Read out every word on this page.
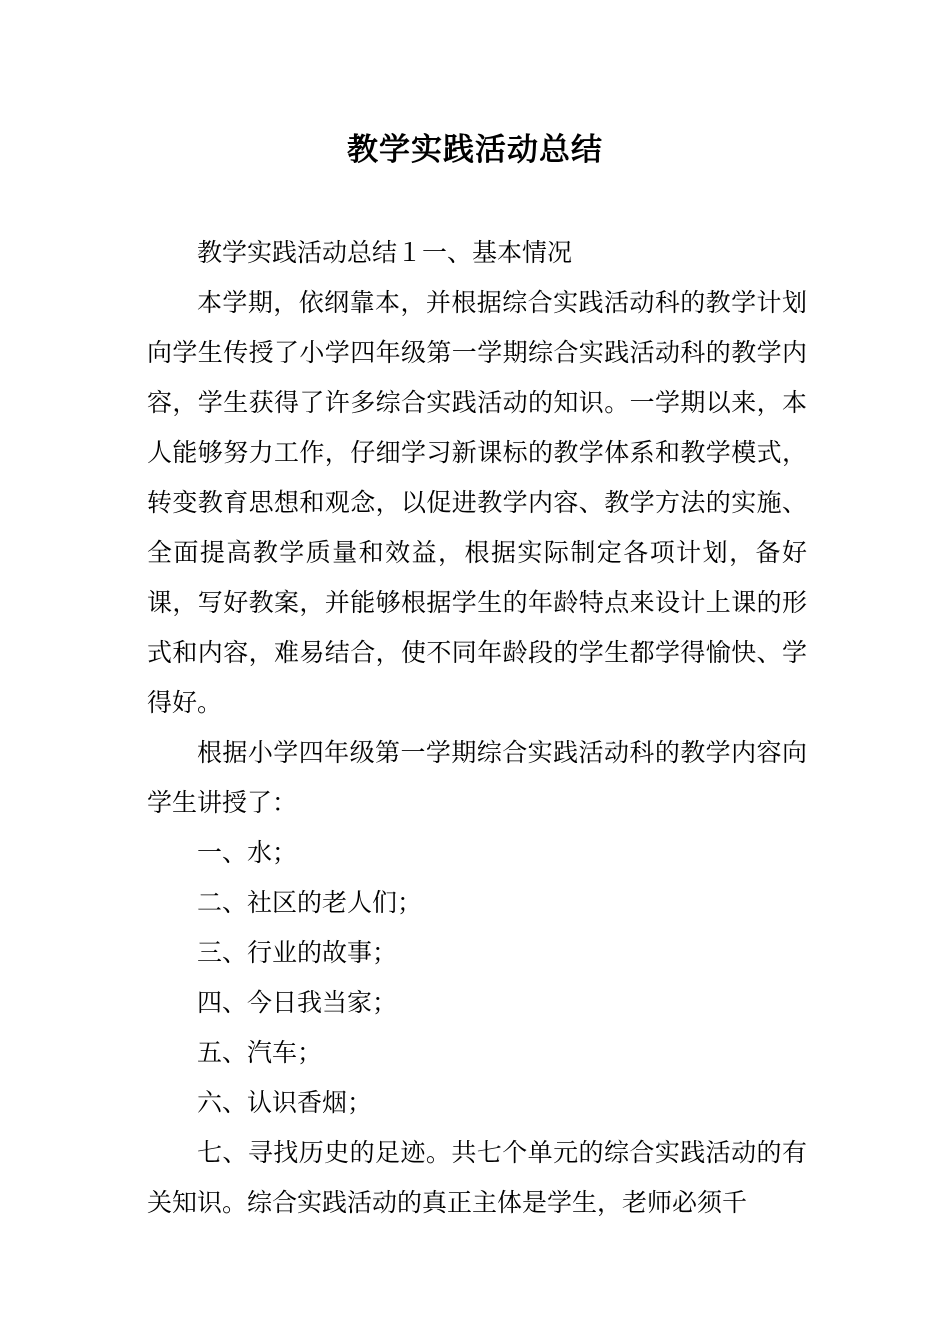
教学实践活动总结

教学实践活动总结１一、基本情况

本学期，依纲靠本，并根据综合实践活动科的教学计划向学生传授了小学四年级第一学期综合实践活动科的教学内容，学生获得了许多综合实践活动的知识。一学期以来，本人能够努力工作，仔细学习新课标的教学体系和教学模式，转变教育思想和观念，以促进教学内容、教学方法的实施、全面提高教学质量和效益，根据实际制定各项计划，备好课，写好教案，并能够根据学生的年龄特点来设计上课的形式和内容，难易结合，使不同年龄段的学生都学得愉快、学得好。

根据小学四年级第一学期综合实践活动科的教学内容向学生讲授了：

一、水；

二、社区的老人们；

三、行业的故事；

四、今日我当家；

五、汽车；

六、认识香烟；

七、寻找历史的足迹。共七个单元的综合实践活动的有关知识。综合实践活动的真正主体是学生，老师必须千
